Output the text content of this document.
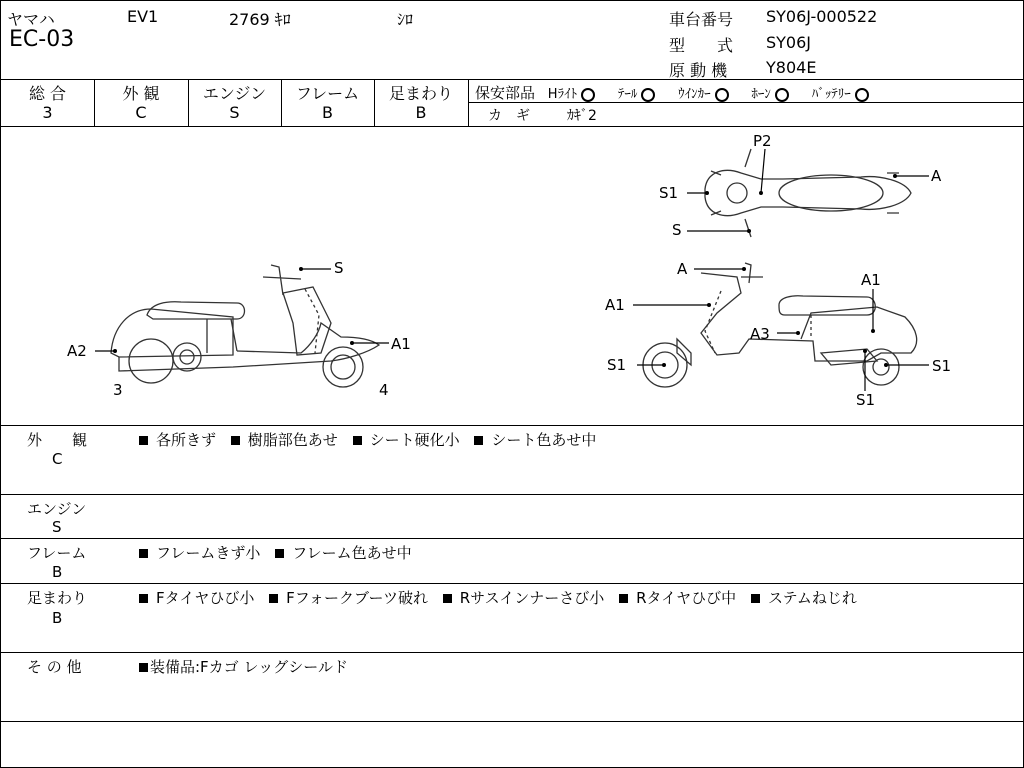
ヤマハ	EV1	2769 ｷﾛ	ｼﾛ
EC-03
車台番号 SY06J-000522
型　　式 SY06J
原 動 機 Y804E
総 合
3
外 観
C
エンジン
S
フレーム
B
足まわり
B
保安部品 Hﾗｲﾄ	ﾃｰﾙ	ｳｲﾝｶｰ	ﾎｰﾝ	ﾊﾞｯﾃﾘｰ
カ　ギ	ｶｷﾞ2
S
A1
A2
3	4
P2
S1
S
A
A
A1
A1
A3
S1	S1
S1
外　　観
C
各所きず 樹脂部色あせ シート硬化小 シート色あせ中
エンジン
S
フレーム
B
フレームきず小 フレーム色あせ中
足まわり
B
Fタイヤひび小 Fフォークブーツ破れ Rサスインナーさび小 Rタイヤひび中 ステムねじれ
そ の 他	装備品:Fカゴ レッグシールド
